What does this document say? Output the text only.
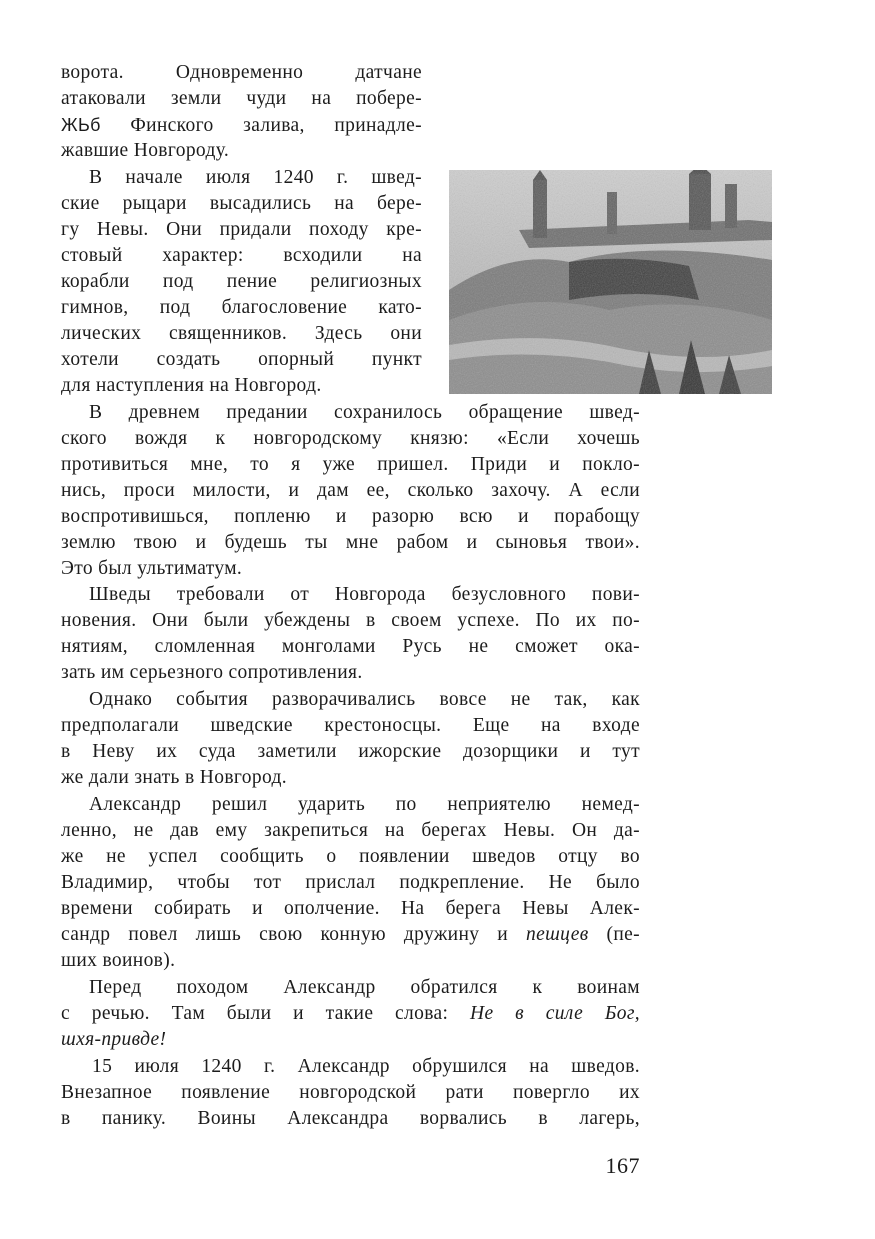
ворота. Одновременно датчане
атаковали земли чуди на побере-
ЖЬб Финского залива, принадле-
жавшие Новгороду.
В начале июля 1240 г. швед-
ские рыцари высадились на бере-
гу Невы. Они придали походу кре-
стовый характер: всходили на
корабли под пение религиозных
гимнов, под благословение като-
лических священников. Здесь они
хотели создать опорный пункт
для наступления на Новгород.
В древнем предании сохранилось обращение швед-
ского вождя к новгородскому князю: «Если хочешь
противиться мне, то я уже пришел. Приди и покло-
нись, проси милости, и дам ее, сколько захочу. А если
воспротивишься, попленю и разорю всю и порабощу
землю твою и будешь ты мне рабом и сыновья твои».
Это был ультиматум.
Шведы требовали от Новгорода безусловного пови-
новения. Они были убеждены в своем успехе. По их по-
нятиям, сломленная монголами Русь не сможет ока-
зать им серьезного сопротивления.
Однако события разворачивались вовсе не так, как
предполагали шведские крестоносцы. Еще на входе
в Неву их суда заметили ижорские дозорщики и тут
же дали знать в Новгород.
Александр решил ударить по неприятелю немед-
ленно, не дав ему закрепиться на берегах Невы. Он да-
же не успел сообщить о появлении шведов отцу во
Владимир, чтобы тот прислал подкрепление. Не было
времени собирать и ополчение. На берега Невы Алек-
сандр повел лишь свою конную дружину и пешцев (пе-
ших воинов).
Перед походом Александр обратился к воинам
с речью. Там были и такие слова: Не в силе Бог,
шхя-привде!
15 июля 1240 г. Александр обрушился на шведов.
Внезапное появление новгородской рати повергло их
в панику. Воины Александра ворвались в лагерь,
167
